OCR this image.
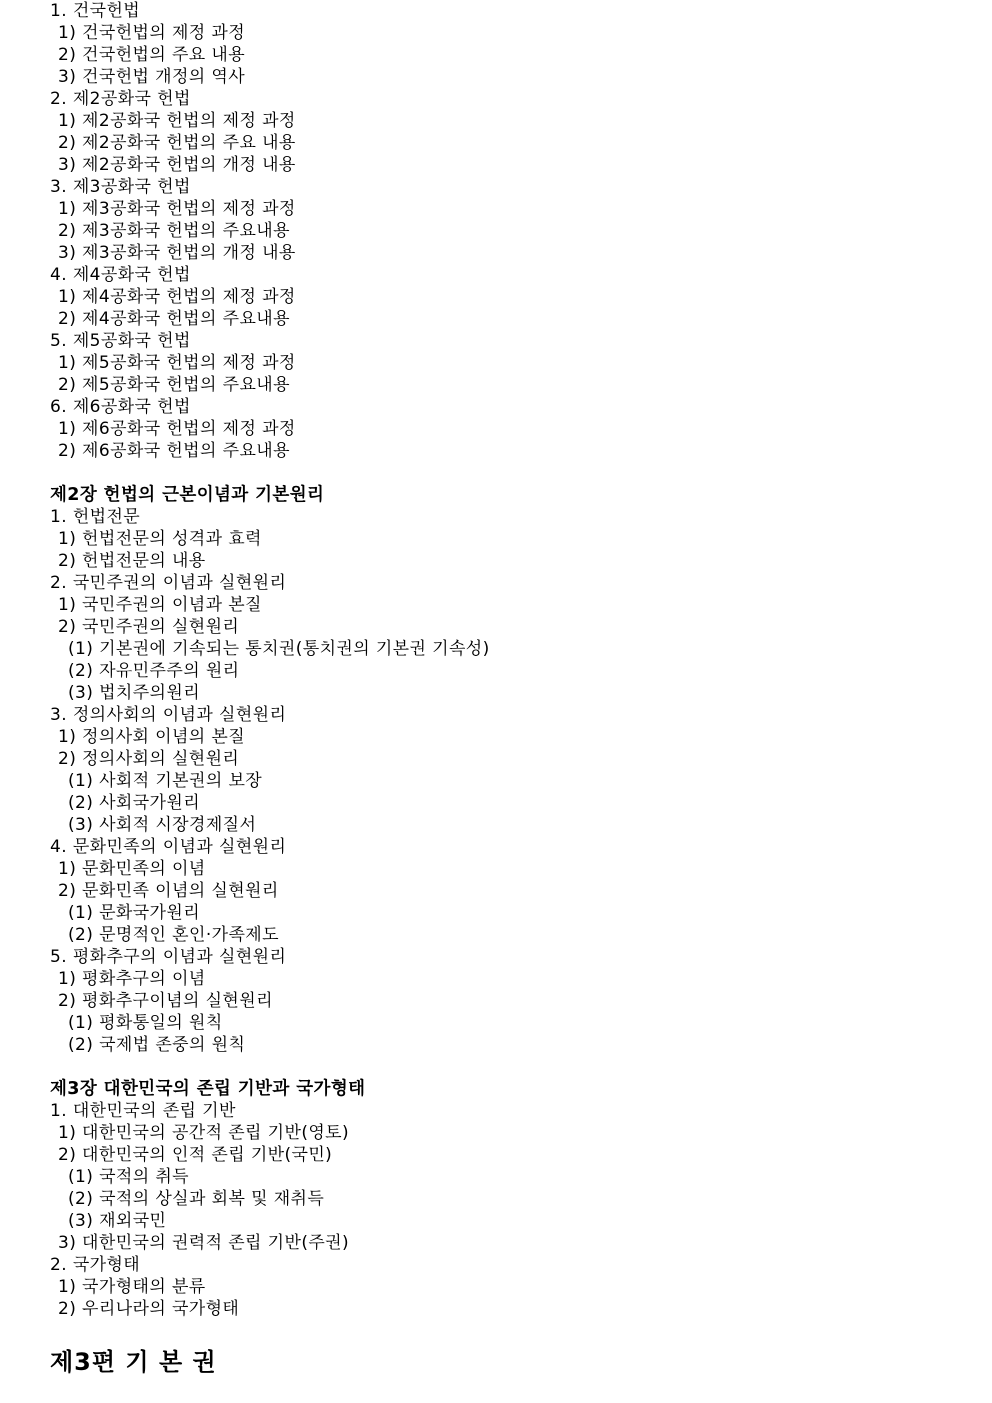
1. 건국헌법
1) 건국헌법의 제정 과정
2) 건국헌법의 주요 내용
3) 건국헌법 개정의 역사
2. 제2공화국 헌법
1) 제2공화국 헌법의 제정 과정
2) 제2공화국 헌법의 주요 내용
3) 제2공화국 헌법의 개정 내용
3. 제3공화국 헌법
1) 제3공화국 헌법의 제정 과정
2) 제3공화국 헌법의 주요내용
3) 제3공화국 헌법의 개정 내용
4. 제4공화국 헌법
1) 제4공화국 헌법의 제정 과정
2) 제4공화국 헌법의 주요내용
5. 제5공화국 헌법
1) 제5공화국 헌법의 제정 과정
2) 제5공화국 헌법의 주요내용
6. 제6공화국 헌법
1) 제6공화국 헌법의 제정 과정
2) 제6공화국 헌법의 주요내용
제2장 헌법의 근본이념과 기본원리
1. 헌법전문
1) 헌법전문의 성격과 효력
2) 헌법전문의 내용
2. 국민주권의 이념과 실현원리
1) 국민주권의 이념과 본질
2) 국민주권의 실현원리
(1) 기본권에 기속되는 통치권(통치권의 기본권 기속성)
(2) 자유민주주의 원리
(3) 법치주의원리
3. 정의사회의 이념과 실현원리
1) 정의사회 이념의 본질
2) 정의사회의 실현원리
(1) 사회적 기본권의 보장
(2) 사회국가원리
(3) 사회적 시장경제질서
4. 문화민족의 이념과 실현원리
1) 문화민족의 이념
2) 문화민족 이념의 실현원리
(1) 문화국가원리
(2) 문명적인 혼인·가족제도
5. 평화추구의 이념과 실현원리
1) 평화추구의 이념
2) 평화추구이념의 실현원리
(1) 평화통일의 원칙
(2) 국제법 존중의 원칙
제3장 대한민국의 존립 기반과 국가형태
1. 대한민국의 존립 기반
1) 대한민국의 공간적 존립 기반(영토)
2) 대한민국의 인적 존립 기반(국민)
(1) 국적의 취득
(2) 국적의 상실과 회복 및 재취득
(3) 재외국민
3) 대한민국의 권력적 존립 기반(주권)
2. 국가형태
1) 국가형태의 분류
2) 우리나라의 국가형태
제3편 기 본 권
